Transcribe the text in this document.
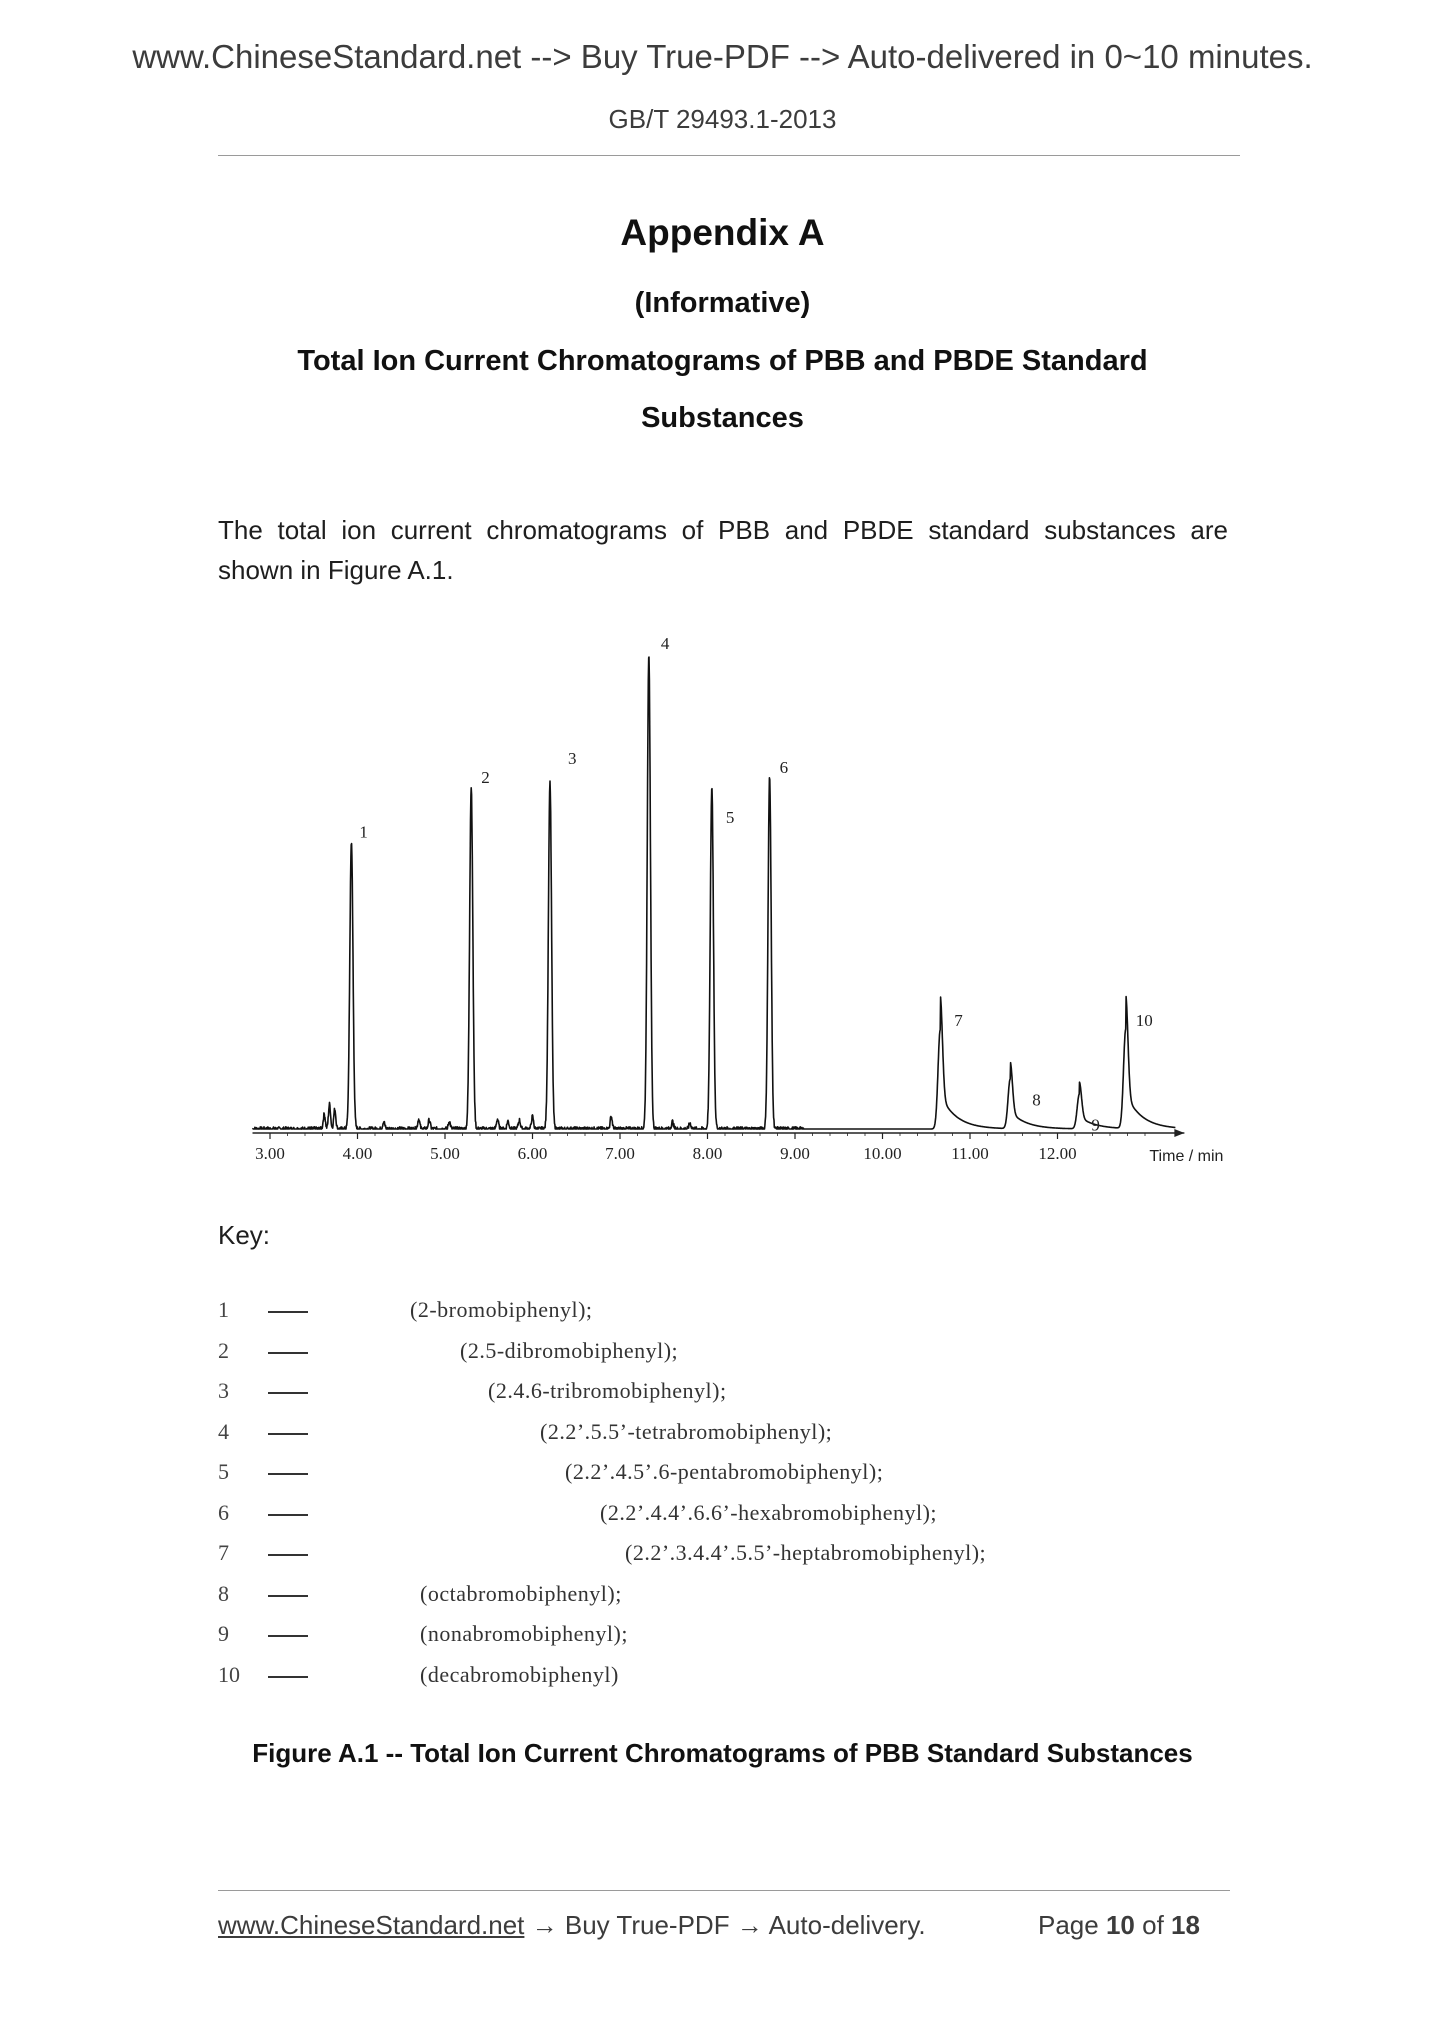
www.ChineseStandard.net --> Buy True-PDF --> Auto-delivered in 0~10 minutes.
GB/T 29493.1-2013
Appendix A
(Informative)
Total Ion Current Chromatograms of PBB and PBDE Standard
Substances
The total ion current chromatograms of PBB and PBDE standard substances are shown in Figure A.1.
3.00	4.00	5.00	6.00	7.00	8.00	9.00	10.00	11.00	12.00	Time / min
1
2
3
4
5
6
7
8
9
10
Key:
1	(2-bromobiphenyl);
2	(2.5-dibromobiphenyl);
3	(2.4.6-tribromobiphenyl);
4	(2.2’.5.5’-tetrabromobiphenyl);
5	(2.2’.4.5’.6-pentabromobiphenyl);
6	(2.2’.4.4’.6.6’-hexabromobiphenyl);
7	(2.2’.3.4.4’.5.5’-heptabromobiphenyl);
8	(octabromobiphenyl);
9	(nonabromobiphenyl);
10	(decabromobiphenyl)
Figure A.1 -- Total Ion Current Chromatograms of PBB Standard Substances
www.ChineseStandard.net → Buy True-PDF → Auto-delivery.	Page 10 of 18
